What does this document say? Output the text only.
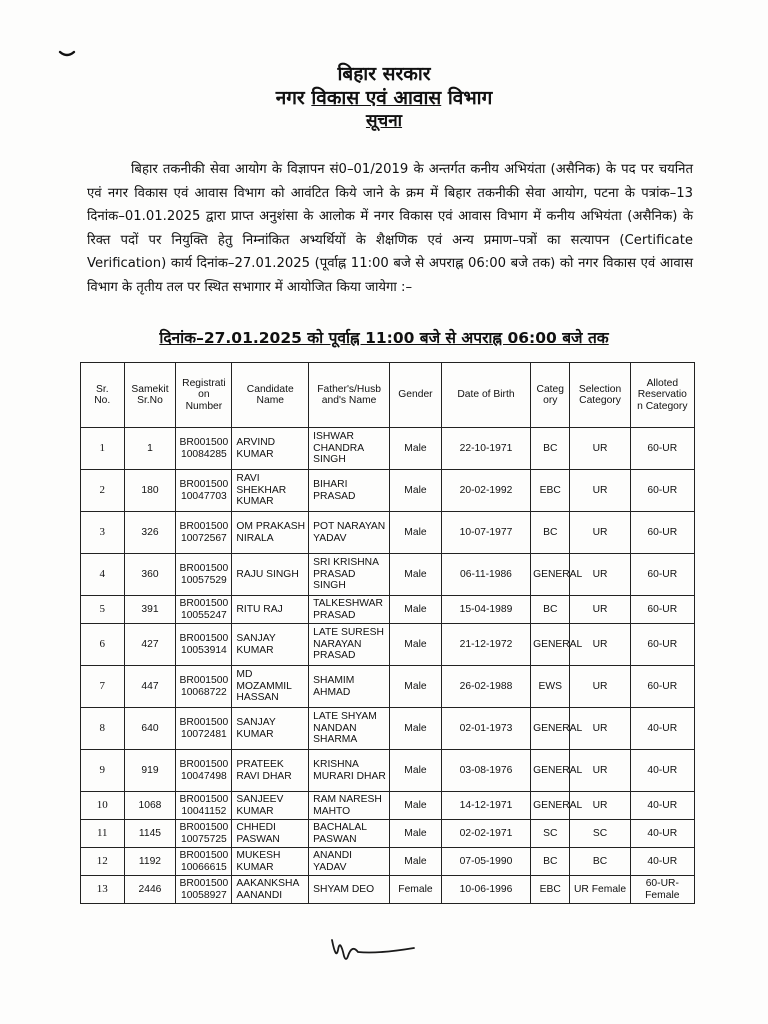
बिहार सरकार
नगर विकास एवं आवास विभाग
सूचना
बिहार तकनीकी सेवा आयोग के विज्ञापन सं0–01/2019 के अन्तर्गत कनीय अभियंता (असैनिक) के पद पर चयनित एवं नगर विकास एवं आवास विभाग को आवंटित किये जाने के क्रम में बिहार तकनीकी सेवा आयोग, पटना के पत्रांक–13 दिनांक–01.01.2025 द्वारा प्राप्त अनुशंसा के आलोक में नगर विकास एवं आवास विभाग में कनीय अभियंता (असैनिक) के रिक्त पदों पर नियुक्ति हेतु निम्नांकित अभ्यर्थियों के शैक्षणिक एवं अन्य प्रमाण–पत्रों का सत्यापन (Certificate Verification) कार्य दिनांक–27.01.2025 (पूर्वाह्न 11:00 बजे से अपराह्न 06:00 बजे तक) को नगर विकास एवं आवास विभाग के तृतीय तल पर स्थित सभागार में आयोजित किया जायेगा :–
दिनांक–27.01.2025 को पूर्वाह्न 11:00 बजे से अपराह्न 06:00 बजे तक
Sr.
No.	Samekit
Sr.No	Registrati
on
Number	Candidate
Name	Father's/Husb
and's Name	Gender	Date of Birth	Categ
ory	Selection
Category	Alloted
Reservatio
n Category
1	1	BR001500
10084285	ARVIND KUMAR	ISHWAR CHANDRA SINGH	Male	22-10-1971	BC	UR	60-UR
2	180	BR001500
10047703	RAVI SHEKHAR KUMAR	BIHARI PRASAD	Male	20-02-1992	EBC	UR	60-UR
3	326	BR001500
10072567	OM PRAKASH NIRALA	POT NARAYAN YADAV	Male	10-07-1977	BC	UR	60-UR
4	360	BR001500
10057529	RAJU SINGH	SRI KRISHNA PRASAD SINGH	Male	06-11-1986	GENERAL	UR	60-UR
5	391	BR001500
10055247	RITU RAJ	TALKESHWAR PRASAD	Male	15-04-1989	BC	UR	60-UR
6	427	BR001500
10053914	SANJAY KUMAR	LATE SURESH NARAYAN PRASAD	Male	21-12-1972	GENERAL	UR	60-UR
7	447	BR001500
10068722	MD MOZAMMIL HASSAN	SHAMIM AHMAD	Male	26-02-1988	EWS	UR	60-UR
8	640	BR001500
10072481	SANJAY KUMAR	LATE SHYAM NANDAN SHARMA	Male	02-01-1973	GENERAL	UR	40-UR
9	919	BR001500
10047498	PRATEEK RAVI DHAR	KRISHNA MURARI DHAR	Male	03-08-1976	GENERAL	UR	40-UR
10	1068	BR001500
10041152	SANJEEV KUMAR	RAM NARESH MAHTO	Male	14-12-1971	GENERAL	UR	40-UR
11	1145	BR001500
10075725	CHHEDI PASWAN	BACHALAL PASWAN	Male	02-02-1971	SC	SC	40-UR
12	1192	BR001500
10066615	MUKESH KUMAR	ANANDI YADAV	Male	07-05-1990	BC	BC	40-UR
13	2446	BR001500
10058927	AAKANKSHA AANANDI	SHYAM DEO	Female	10-06-1996	EBC	UR Female	60-UR-Female
